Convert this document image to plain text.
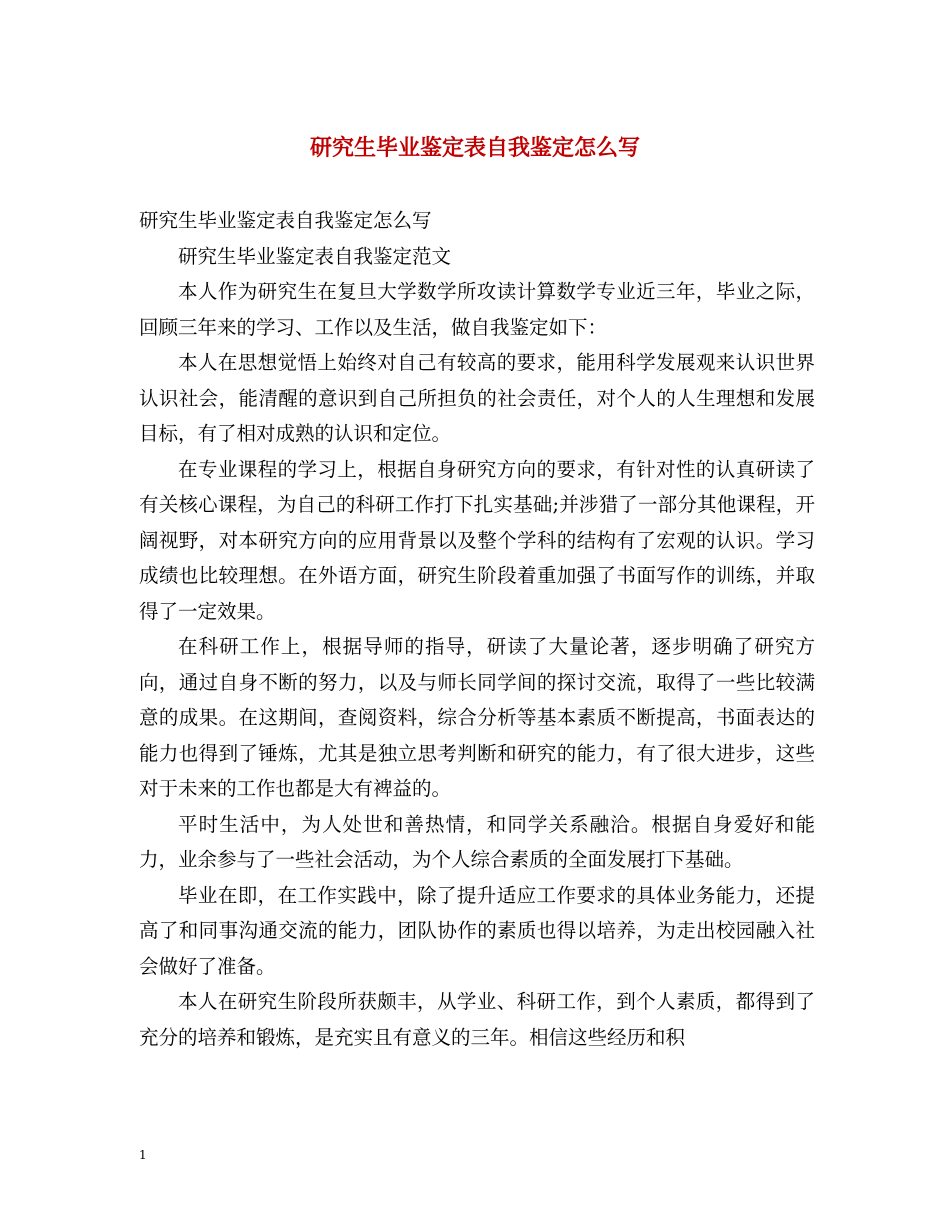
研究生毕业鉴定表自我鉴定怎么写

研究生毕业鉴定表自我鉴定怎么写

研究生毕业鉴定表自我鉴定范文

本人作为研究生在复旦大学数学所攻读计算数学专业近三年，毕业之际，回顾三年来的学习、工作以及生活，做自我鉴定如下：

本人在思想觉悟上始终对自己有较高的要求，能用科学发展观来认识世界认识社会，能清醒的意识到自己所担负的社会责任，对个人的人生理想和发展目标，有了相对成熟的认识和定位。

在专业课程的学习上，根据自身研究方向的要求，有针对性的认真研读了有关核心课程，为自己的科研工作打下扎实基础;并涉猎了一部分其他课程，开阔视野，对本研究方向的应用背景以及整个学科的结构有了宏观的认识。学习成绩也比较理想。在外语方面，研究生阶段着重加强了书面写作的训练，并取得了一定效果。

在科研工作上，根据导师的指导，研读了大量论著，逐步明确了研究方向，通过自身不断的努力，以及与师长同学间的探讨交流，取得了一些比较满意的成果。在这期间，查阅资料，综合分析等基本素质不断提高，书面表达的能力也得到了锤炼，尤其是独立思考判断和研究的能力，有了很大进步，这些对于未来的工作也都是大有裨益的。

平时生活中，为人处世和善热情，和同学关系融洽。根据自身爱好和能力，业余参与了一些社会活动，为个人综合素质的全面发展打下基础。

毕业在即，在工作实践中，除了提升适应工作要求的具体业务能力，还提高了和同事沟通交流的能力，团队协作的素质也得以培养，为走出校园融入社会做好了准备。

本人在研究生阶段所获颇丰，从学业、科研工作，到个人素质，都得到了充分的培养和锻炼，是充实且有意义的三年。相信这些经历和积

1
